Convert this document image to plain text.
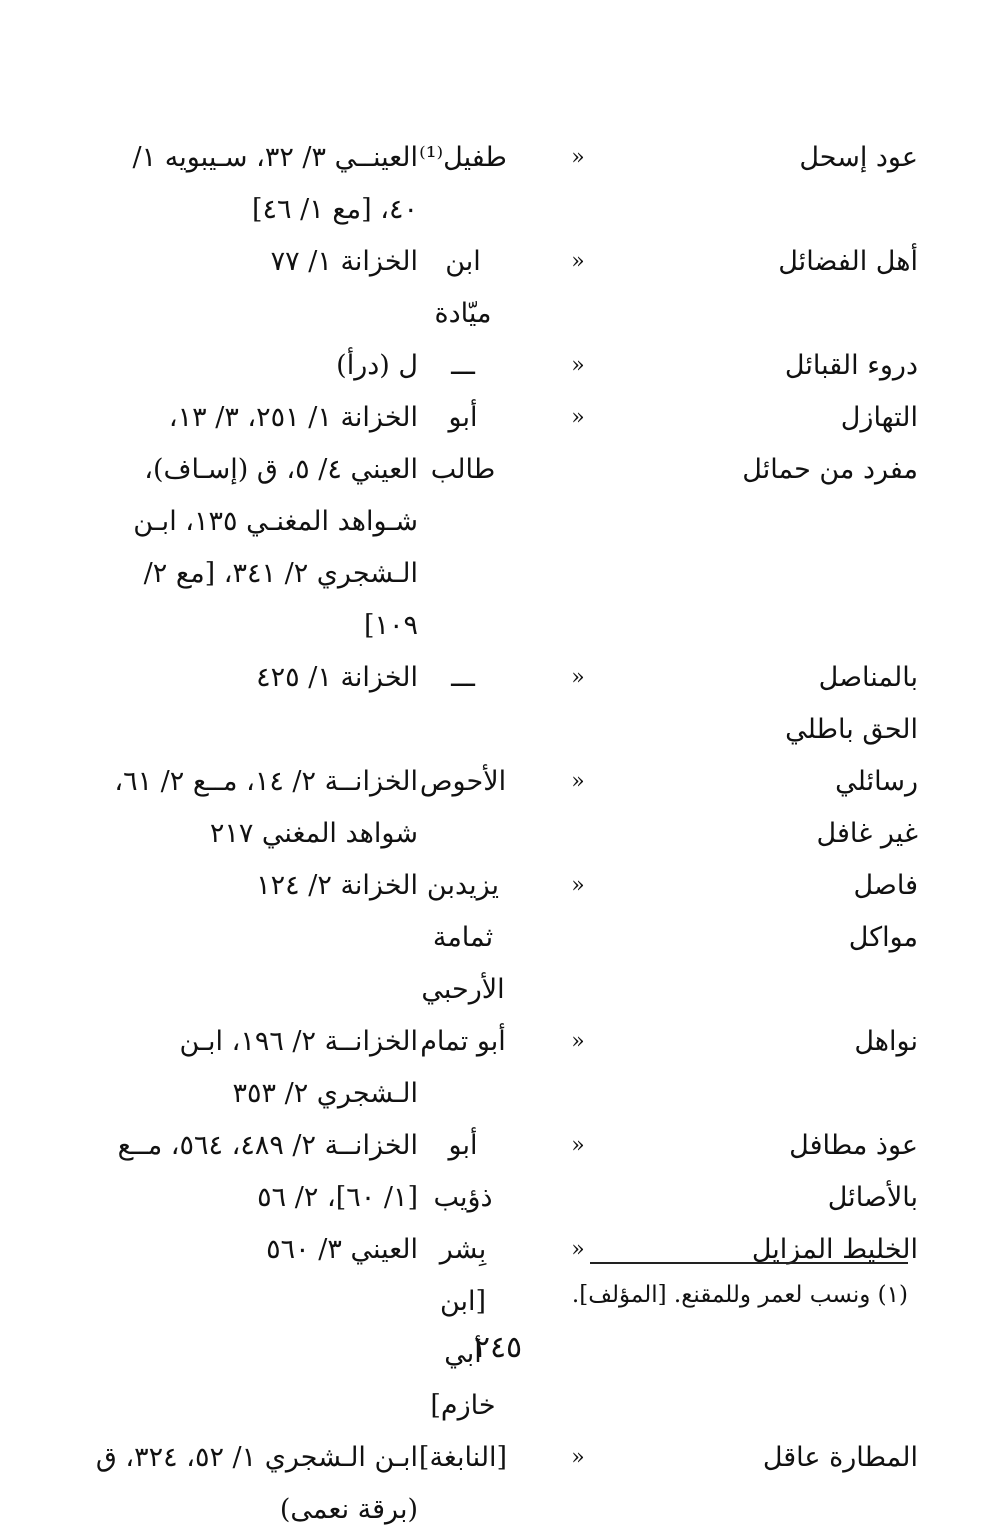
عود إسحل
«
طفيل⁽¹⁾
العينــي ٣/ ٣٢، سـيبويه ١/ ٤٠، [مع ١/ ٤٦]
أهل الفضائل
«
ابن ميّادة
الخزانة ١/ ٧٧
دروء القبائل
«
ـــ
ل (درأ)
التهازل
مفرد من حمائل
«
أبو طالب
الخزانة ١/ ٢٥١، ٣/ ١٣، العيني ٤/ ٥، ق (إسـاف)، شـواهد المغنـي ١٣٥، ابـن الـشجري ٢/ ٣٤١، [مع ٢/ ١٠٩]
بالمناصل
الحق باطلي
«
ـــ
الخزانة ١/ ٤٢٥
رسائلي
غير غافل
«
الأحوص
الخزانــة ٢/ ١٤، مــع ٢/ ٦١، شواهد المغني ٢١٧
فاصل
مواكل
«
يزيدبن ثمامة الأرحبي
الخزانة ٢/ ١٢٤
نواهل
«
أبو تمام
الخزانــة ٢/ ١٩٦، ابـن الـشجري ٢/ ٣٥٣
عوذ مطافل
بالأصائل
«
أبو ذؤيب
الخزانــة ٢/ ٤٨٩، ٥٦٤، مــع [١/ ٦٠]، ٢/ ٥٦
الخليط المزايل
«
بِشر [ابن أبي خازم]
العيني ٣/ ٥٦٠
المطارة عاقل
«
[النابغة]
ابـن الـشجري ١/ ٥٢، ٣٢٤، ق (برقة نعمى)
(١) ونسب لعمر وللمقنع. [المؤلف].
٢٤٥
